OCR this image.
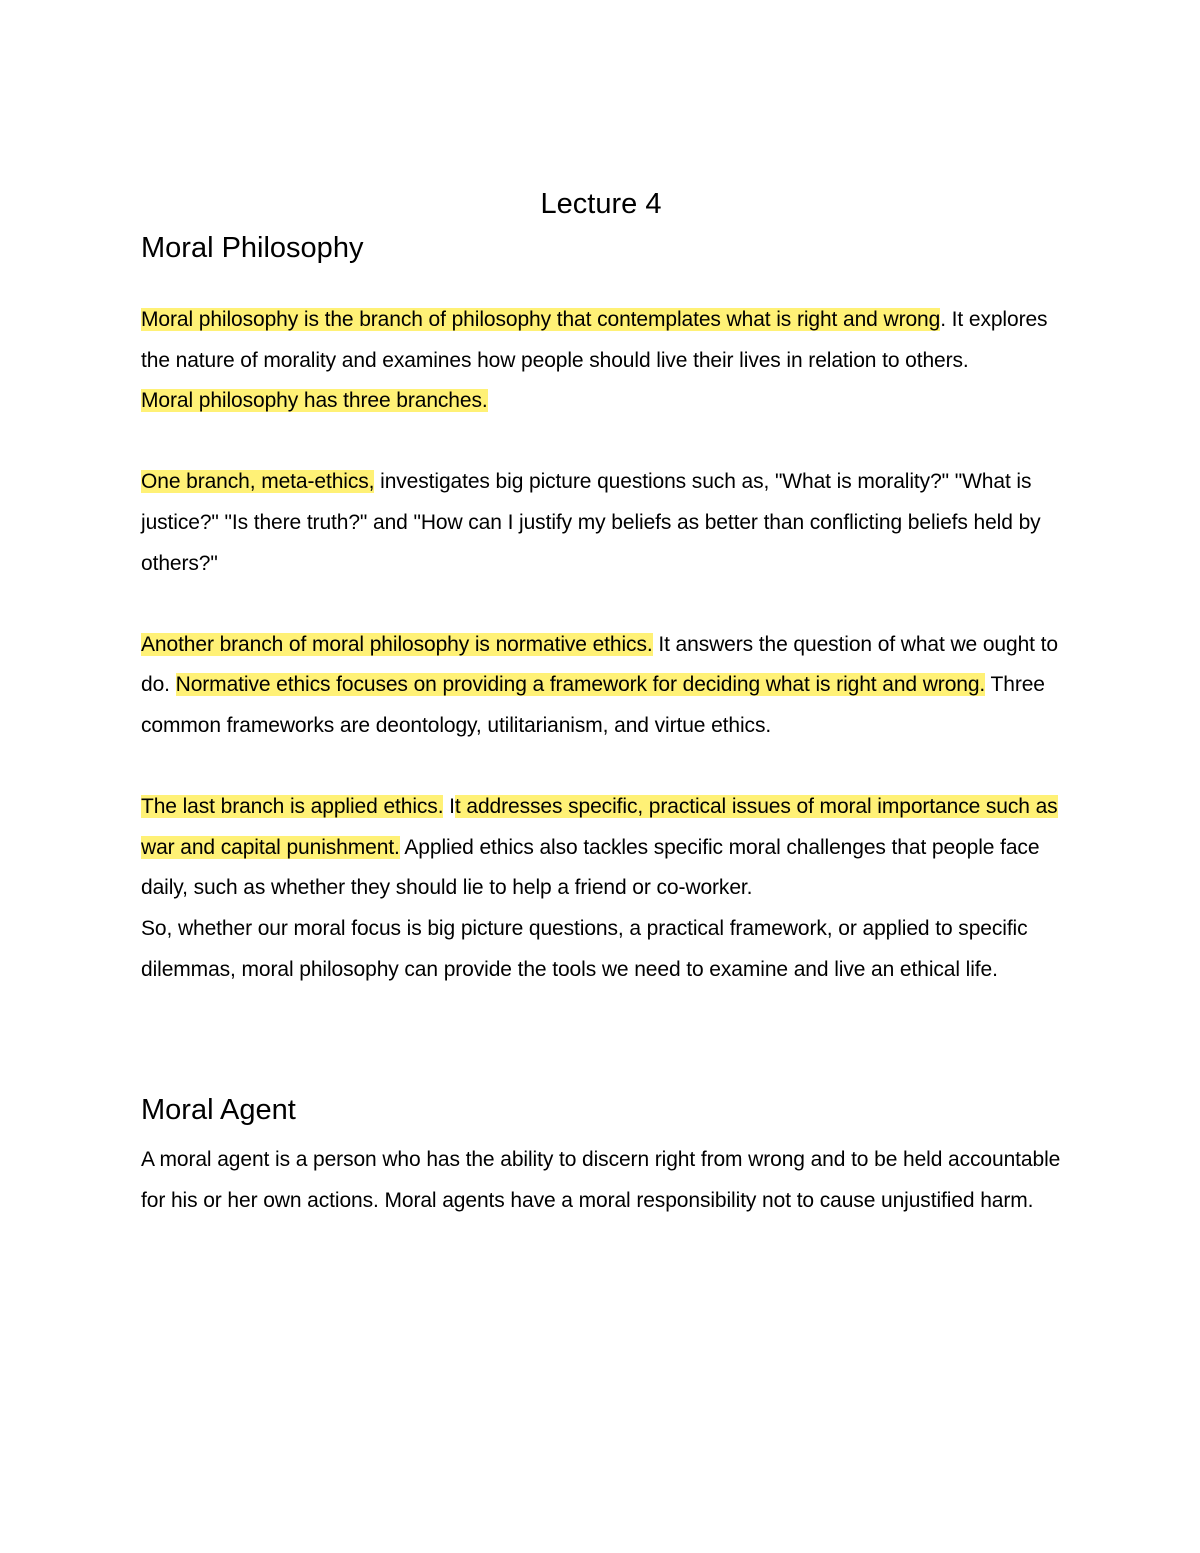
Lecture 4
Moral Philosophy

Moral philosophy is the branch of philosophy that contemplates what is right and wrong. It explores the nature of morality and examines how people should live their lives in relation to others.

Moral philosophy has three branches.

One branch, meta-ethics, investigates big picture questions such as, "What is morality?" "What is justice?" "Is there truth?" and "How can I justify my beliefs as better than conflicting beliefs held by others?"

Another branch of moral philosophy is normative ethics. It answers the question of what we ought to do. Normative ethics focuses on providing a framework for deciding what is right and wrong. Three common frameworks are deontology, utilitarianism, and virtue ethics.

The last branch is applied ethics. It addresses specific, practical issues of moral importance such as war and capital punishment. Applied ethics also tackles specific moral challenges that people face daily, such as whether they should lie to help a friend or co-worker.

So, whether our moral focus is big picture questions, a practical framework, or applied to specific dilemmas, moral philosophy can provide the tools we need to examine and live an ethical life.

Moral Agent

A moral agent is a person who has the ability to discern right from wrong and to be held accountable for his or her own actions. Moral agents have a moral responsibility not to cause unjustified harm.
